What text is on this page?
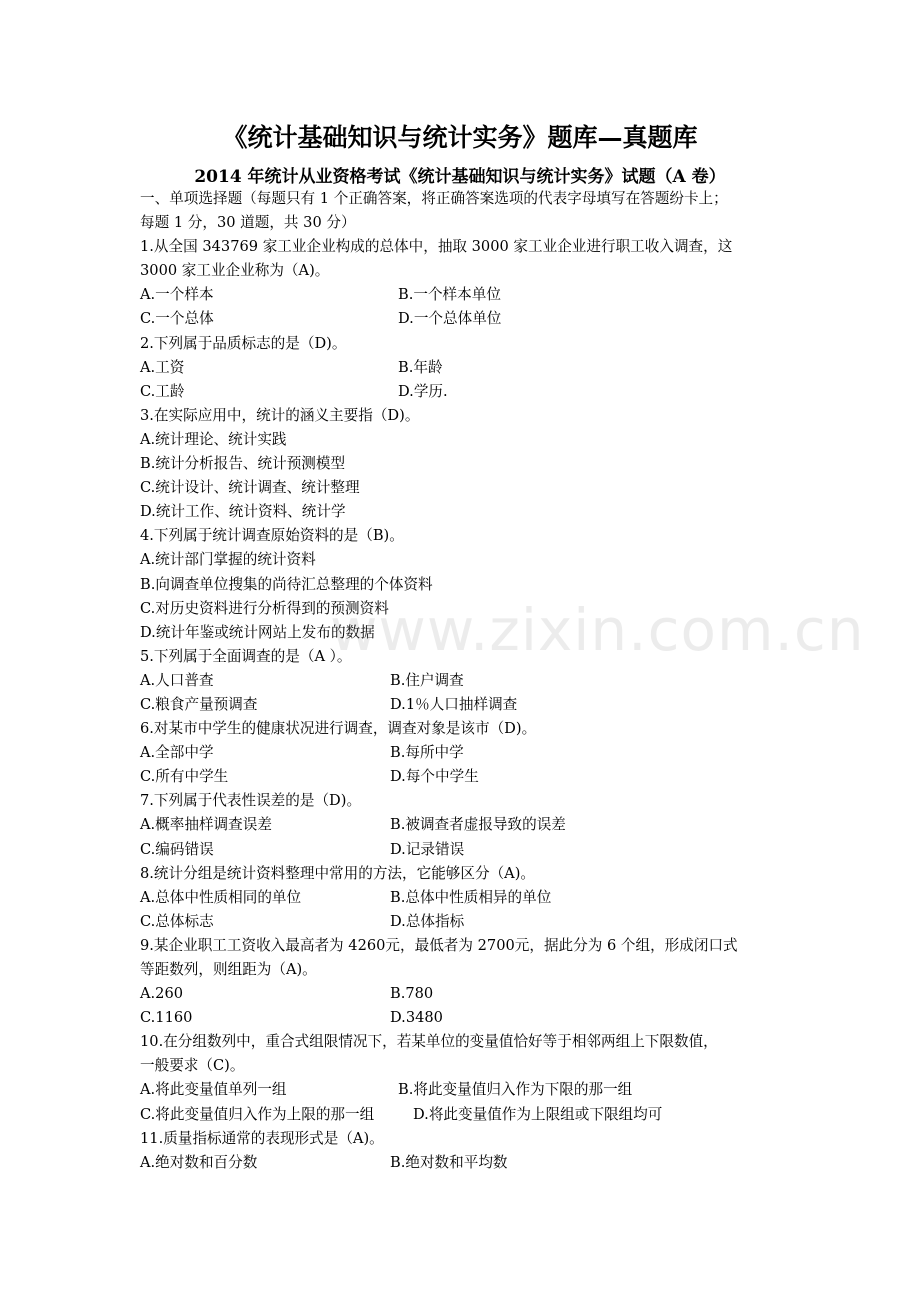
《统计基础知识与统计实务》题库—真题库
2014 年统计从业资格考试《统计基础知识与统计实务》试题（A 卷）
一、单项选择题（每题只有 1 个正确答案，将正确答案选项的代表字母填写在答题纷卡上；
每题 1 分，30 道题，共 30 分）
1.从全国 343769 家工业企业构成的总体中，抽取 3000 家工业企业进行职工收入调查，这
3000 家工业企业称为（A)。
A.一个样本	B.一个样本单位
C.一个总体	D.一个总体单位
2.下列属于品质标志的是（D)。
A.工资	B.年龄
C.工龄	D.学历.
3.在实际应用中，统计的涵义主要指（D)。
A.统计理论、统计实践
B.统计分析报告、统计预测模型
C.统计设计、统计调查、统计整理
D.统计工作、统计资料、统计学
4.下列属于统计调查原始资料的是（B)。
A.统计部门掌握的统计资料
B.向调查单位搜集的尚待汇总整理的个体资料
C.对历史资料进行分析得到的预测资料
D.统计年鉴或统计网站上发布的数据
5.下列属于全面调查的是（A ）。
A.人口普查	B.住户调查
C.粮食产量预调查	D.1％人口抽样调查
6.对某市中学生的健康状况进行调查，调查对象是该市（D)。
A.全部中学	B.每所中学
C.所有中学生	D.每个中学生
7.下列属于代表性误差的是（D)。
A.概率抽样调查误差	B.被调查者虚报导致的误差
C.编码错误	D.记录错误
8.统计分组是统计资料整理中常用的方法，它能够区分（A)。
A.总体中性质相同的单位	B.总体中性质相异的单位
C.总体标志	D.总体指标
9.某企业职工工资收入最高者为 4260元，最低者为 2700元，据此分为 6 个组，形成闭口式
等距数列，则组距为（A)。
A.260	B.780
C.1160	D.3480
10.在分组数列中，重合式组限情况下，若某单位的变量值恰好等于相邻两组上下限数值，
一般要求（C)。
A.将此变量值单列一组	B.将此变量值归入作为下限的那一组
C.将此变量值归入作为上限的那一组	D.将此变量值作为上限组或下限组均可
11.质量指标通常的表现形式是（A)。
A.绝对数和百分数	B.绝对数和平均数
www.zixin.com.cn
